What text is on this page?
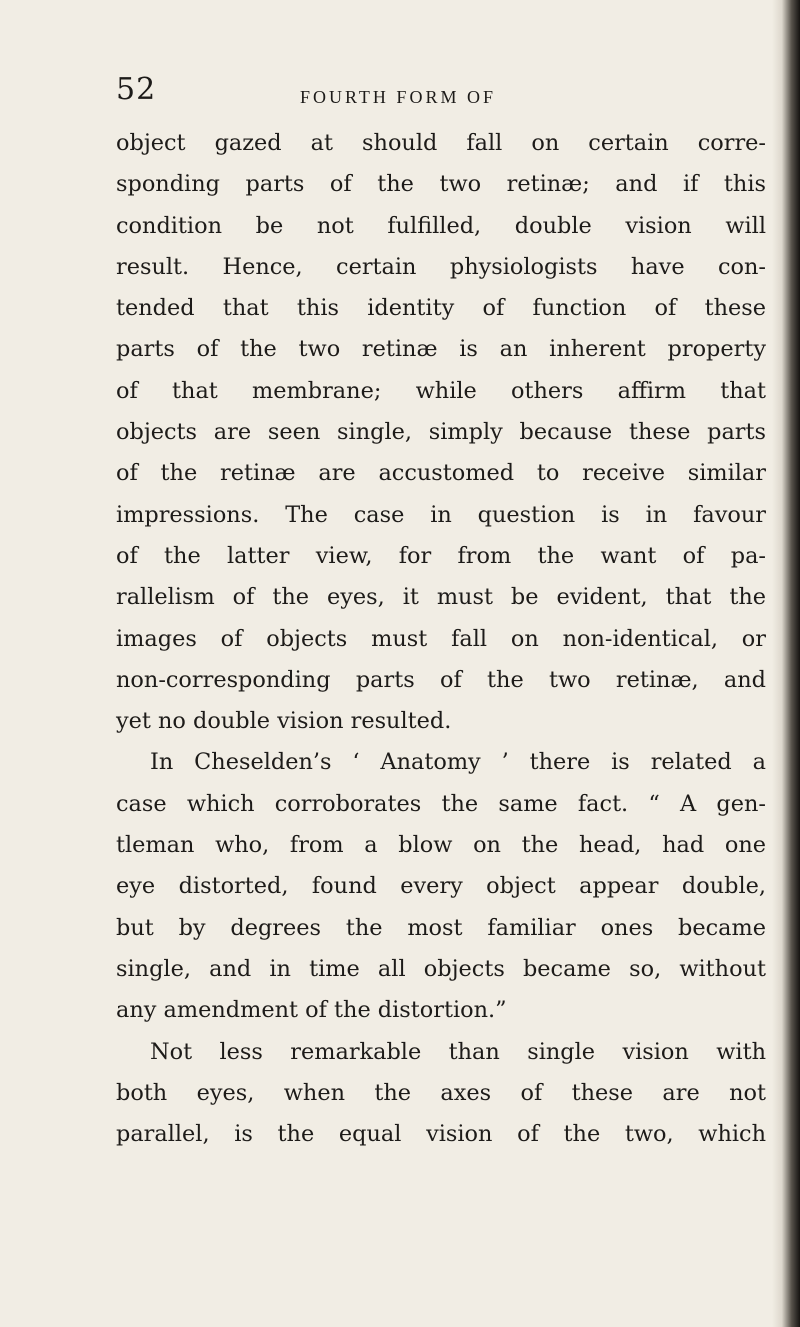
52	FOURTH FORM OF
object gazed at should fall on certain corre-
sponding parts of the two retinæ; and if this
condition be not fulfilled, double vision will
result. Hence, certain physiologists have con-
tended that this identity of function of these
parts of the two retinæ is an inherent property
of that membrane; while others affirm that
objects are seen single, simply because these parts
of the retinæ are accustomed to receive similar
impressions. The case in question is in favour
of the latter view, for from the want of pa-
rallelism of the eyes, it must be evident, that the
images of objects must fall on non-identical, or
non-corresponding parts of the two retinæ, and
yet no double vision resulted.
In Cheselden’s ‘ Anatomy ’ there is related a
case which corroborates the same fact. “ A gen-
tleman who, from a blow on the head, had one
eye distorted, found every object appear double,
but by degrees the most familiar ones became
single, and in time all objects became so, without
any amendment of the distortion.”
Not less remarkable than single vision with
both eyes, when the axes of these are not
parallel, is the equal vision of the two, which
